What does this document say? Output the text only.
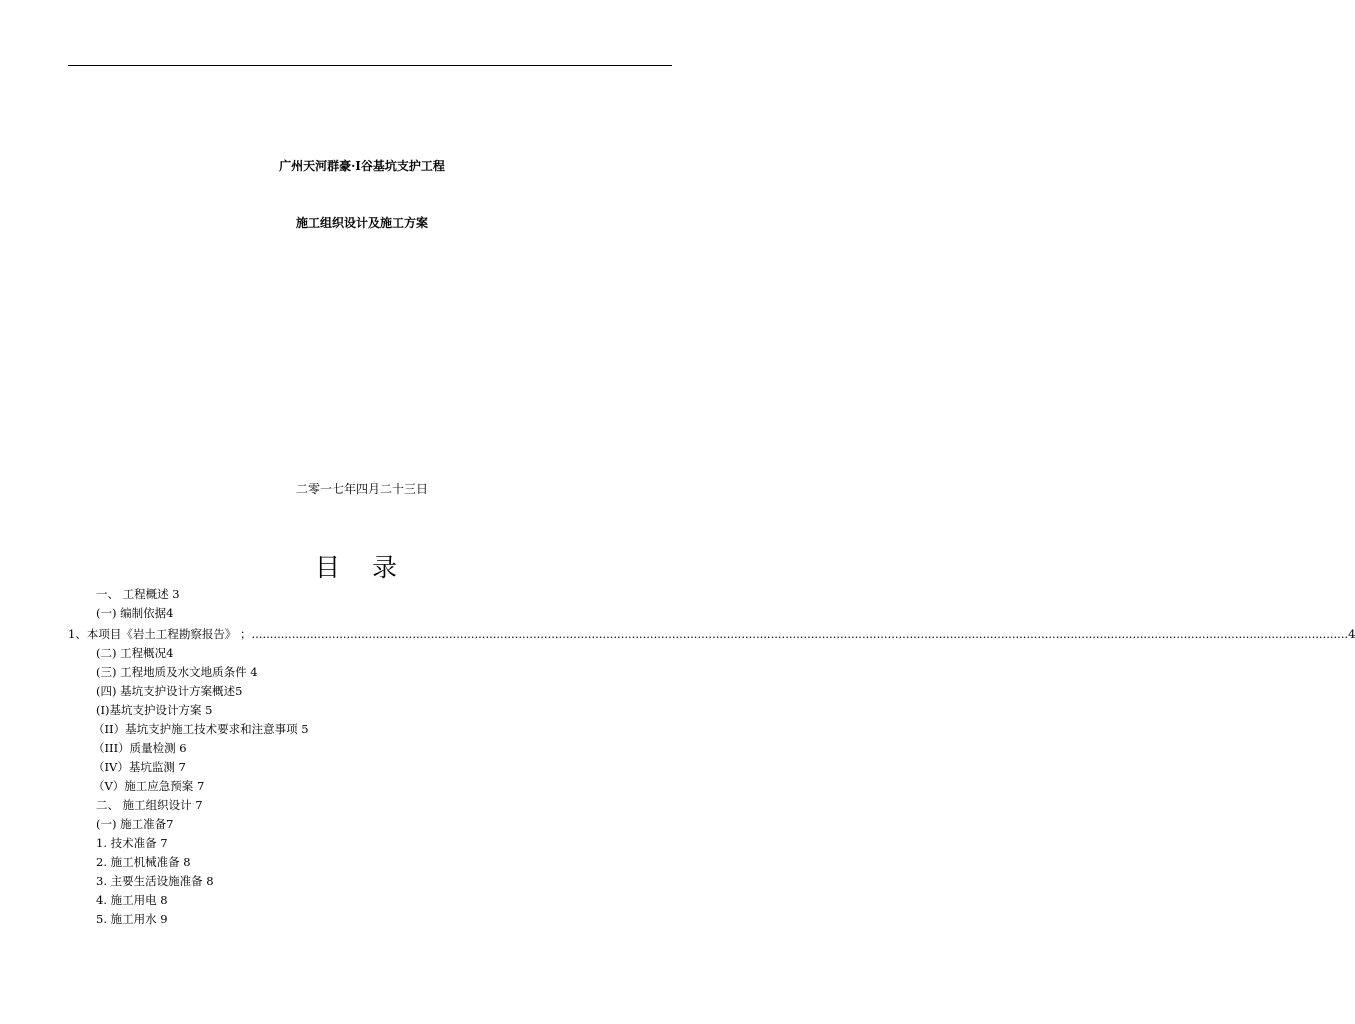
广州天河群豪·I谷基坑支护工程
施工组织设计及施工方案
二零一七年四月二十三日
目 录
一、 工程概述 3
(一) 编制依据4
1、本项目《岩土工程勘察报告》 ； ............................................................................................................................................................................................................................................................................................................ 4
(二) 工程概况4
(三) 工程地质及水文地质条件 4
(四) 基坑支护设计方案概述5
(I)基坑支护设计方案 5
（II）基坑支护施工技术要求和注意事项 5
（III）质量检测 6
（IV）基坑监测 7
（V）施工应急预案 7
二、 施工组织设计 7
(一) 施工准备7
1. 技术准备 7
2. 施工机械准备 8
3. 主要生活设施准备 8
4. 施工用电 8
5. 施工用水 9
